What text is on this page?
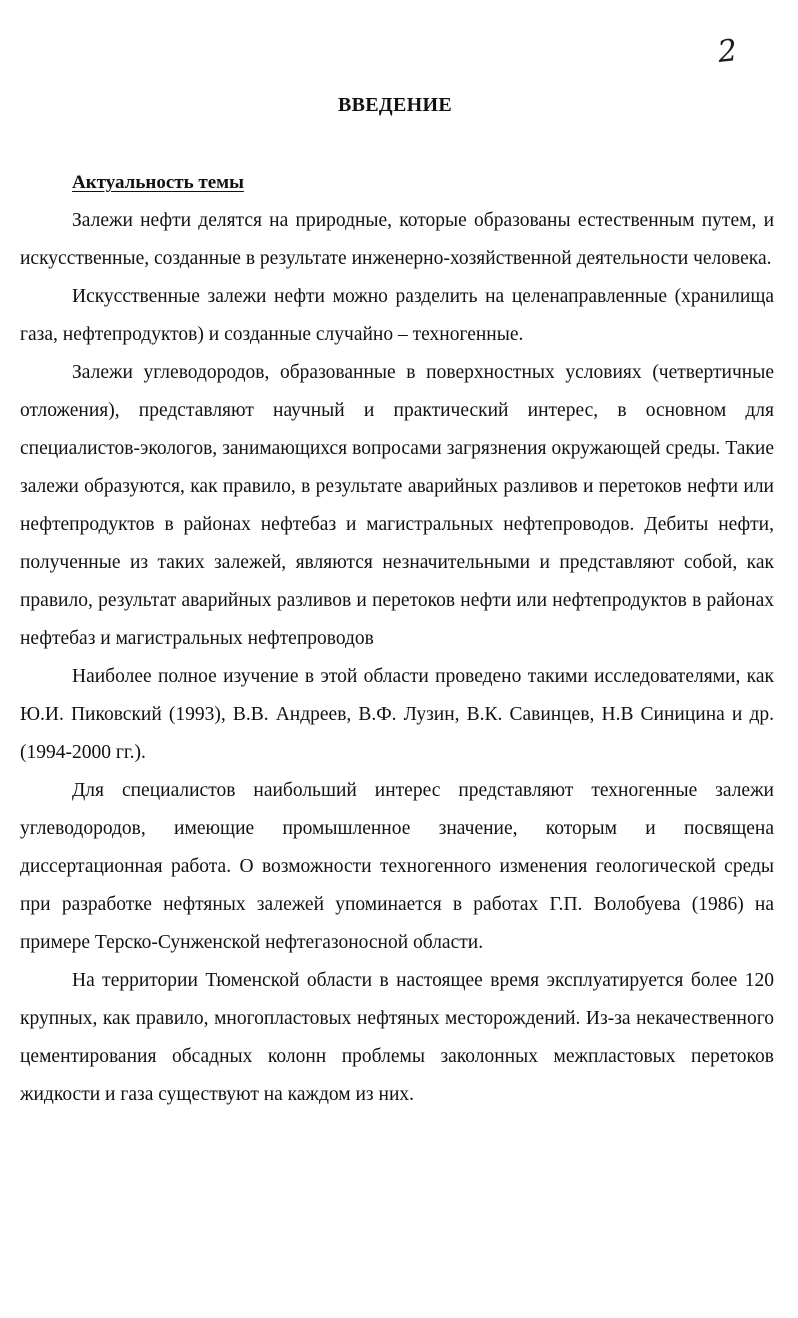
2
ВВЕДЕНИЕ
Актуальность темы

Залежи нефти делятся на природные, которые образованы естественным путем, и искусственные, созданные в результате инженерно-хозяйственной деятельности человека.

Искусственные залежи нефти можно разделить на целенаправленные (хранилища газа, нефтепродуктов) и созданные случайно – техногенные.

Залежи углеводородов, образованные в поверхностных условиях (четвертичные отложения), представляют научный и практический интерес, в основном для специалистов-экологов, занимающихся вопросами загрязнения окружающей среды. Такие залежи образуются, как правило, в результате аварийных разливов и перетоков нефти или нефтепродуктов в районах нефтебаз и магистральных нефтепроводов. Дебиты нефти, полученные из таких залежей, являются незначительными и представляют собой, как правило, результат аварийных разливов и перетоков нефти или нефтепродуктов в районах нефтебаз и магистральных нефтепроводов

Наиболее полное изучение в этой области проведено такими исследователями, как Ю.И. Пиковский (1993), В.В. Андреев, В.Ф. Лузин, В.К. Савинцев, Н.В Синицина и др. (1994-2000 гг.).

Для специалистов наибольший интерес представляют техногенные залежи углеводородов, имеющие промышленное значение, которым и посвящена диссертационная работа. О возможности техногенного изменения геологической среды при разработке нефтяных залежей упоминается в работах Г.П. Волобуева (1986) на примере Терско-Сунженской нефтегазоносной области.

На территории Тюменской области в настоящее время эксплуатируется более 120 крупных, как правило, многопластовых нефтяных месторождений. Из-за некачественного цементирования обсадных колонн проблемы заколонных межпластовых перетоков жидкости и газа существуют на каждом из них.
